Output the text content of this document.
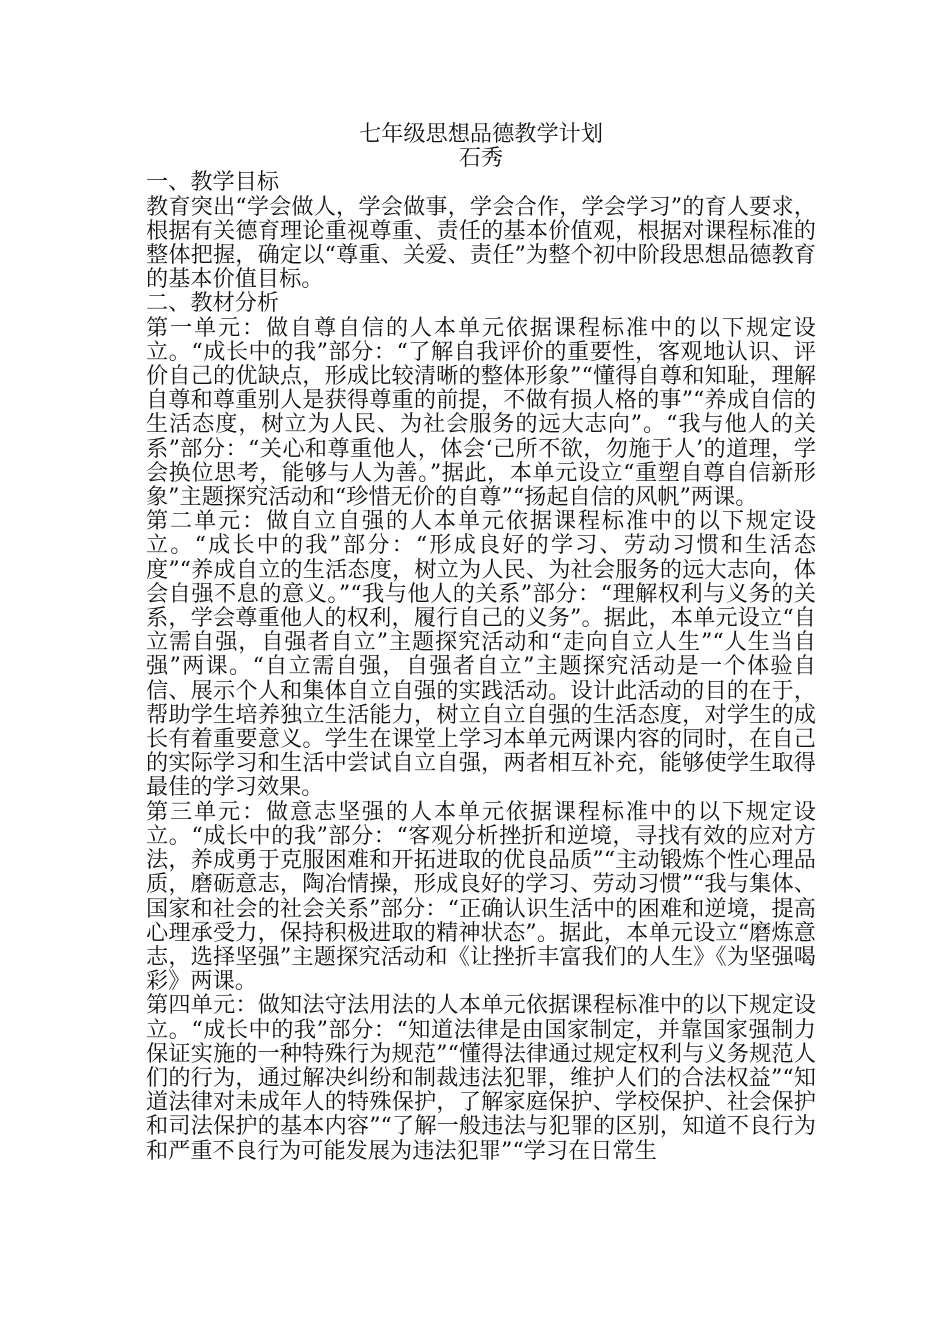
七年级思想品德教学计划
石秀

一、教学目标

教育突出“学会做人，学会做事，学会合作，学会学习”的育人要求，根据有关德育理论重视尊重、责任的基本价值观，根据对课程标准的整体把握，确定以“尊重、关爱、责任”为整个初中阶段思想品德教育的基本价值目标。

二、教材分析

第一单元：做自尊自信的人本单元依据课程标准中的以下规定设立。“成长中的我”部分：“了解自我评价的重要性，客观地认识、评价自己的优缺点，形成比较清晰的整体形象”“懂得自尊和知耻，理解自尊和尊重别人是获得尊重的前提，不做有损人格的事”“养成自信的生活态度，树立为人民、为社会服务的远大志向”。“我与他人的关系”部分：“关心和尊重他人，体会‘己所不欲，勿施于人’的道理，学会换位思考，能够与人为善。”据此，本单元设立“重塑自尊自信新形象”主题探究活动和“珍惜无价的自尊”“扬起自信的风帆”两课。

第二单元：做自立自强的人本单元依据课程标准中的以下规定设立。“成长中的我”部分：“形成良好的学习、劳动习惯和生活态度”“养成自立的生活态度，树立为人民、为社会服务的远大志向，体会自强不息的意义。”“我与他人的关系”部分：“理解权利与义务的关系，学会尊重他人的权利，履行自己的义务”。据此，本单元设立“自立需自强，自强者自立”主题探究活动和“走向自立人生”“人生当自强”两课。“自立需自强，自强者自立”主题探究活动是一个体验自信、展示个人和集体自立自强的实践活动。设计此活动的目的在于，帮助学生培养独立生活能力，树立自立自强的生活态度，对学生的成长有着重要意义。学生在课堂上学习本单元两课内容的同时，在自己的实际学习和生活中尝试自立自强，两者相互补充，能够使学生取得最佳的学习效果。

第三单元：做意志坚强的人本单元依据课程标准中的以下规定设立。“成长中的我”部分：“客观分析挫折和逆境，寻找有效的应对方法，养成勇于克服困难和开拓进取的优良品质”“主动锻炼个性心理品质，磨砺意志，陶冶情操，形成良好的学习、劳动习惯”“我与集体、国家和社会的社会关系”部分：“正确认识生活中的困难和逆境，提高心理承受力，保持积极进取的精神状态”。据此，本单元设立“磨炼意志，选择坚强”主题探究活动和《让挫折丰富我们的人生》《为坚强喝彩》两课。

第四单元：做知法守法用法的人本单元依据课程标准中的以下规定设立。“成长中的我”部分：“知道法律是由国家制定，并靠国家强制力保证实施的一种特殊行为规范”“懂得法律通过规定权利与义务规范人们的行为，通过解决纠纷和制裁违法犯罪，维护人们的合法权益”“知道法律对未成年人的特殊保护，了解家庭保护、学校保护、社会保护和司法保护的基本内容”“了解一般违法与犯罪的区别，知道不良行为和严重不良行为可能发展为违法犯罪”“学习在日常生
